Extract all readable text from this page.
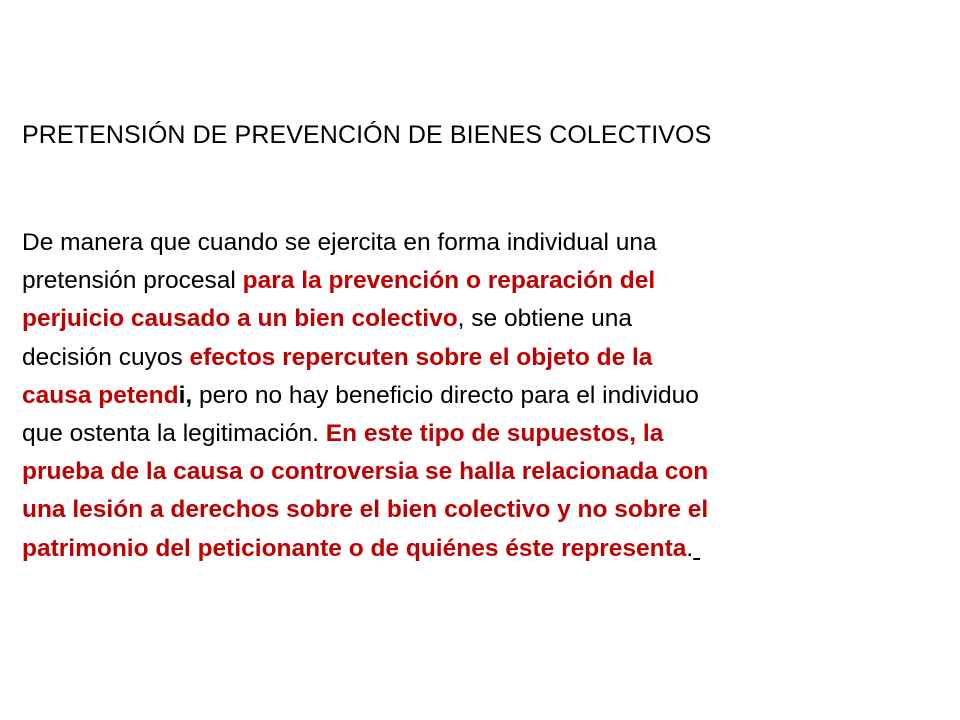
PRETENSIÓN DE PREVENCIÓN DE BIENES COLECTIVOS
De manera que cuando se ejercita en forma individual una
pretensión procesal para la prevención o reparación del
perjuicio causado a un bien colectivo, se obtiene una
decisión cuyos efectos repercuten sobre el objeto de la
causa petendi, pero no hay beneficio directo para el individuo
que ostenta la legitimación. En este tipo de supuestos, la
prueba de la causa o controversia se halla relacionada con
una lesión a derechos sobre el bien colectivo y no sobre el
patrimonio del peticionante o de quiénes éste representa.
